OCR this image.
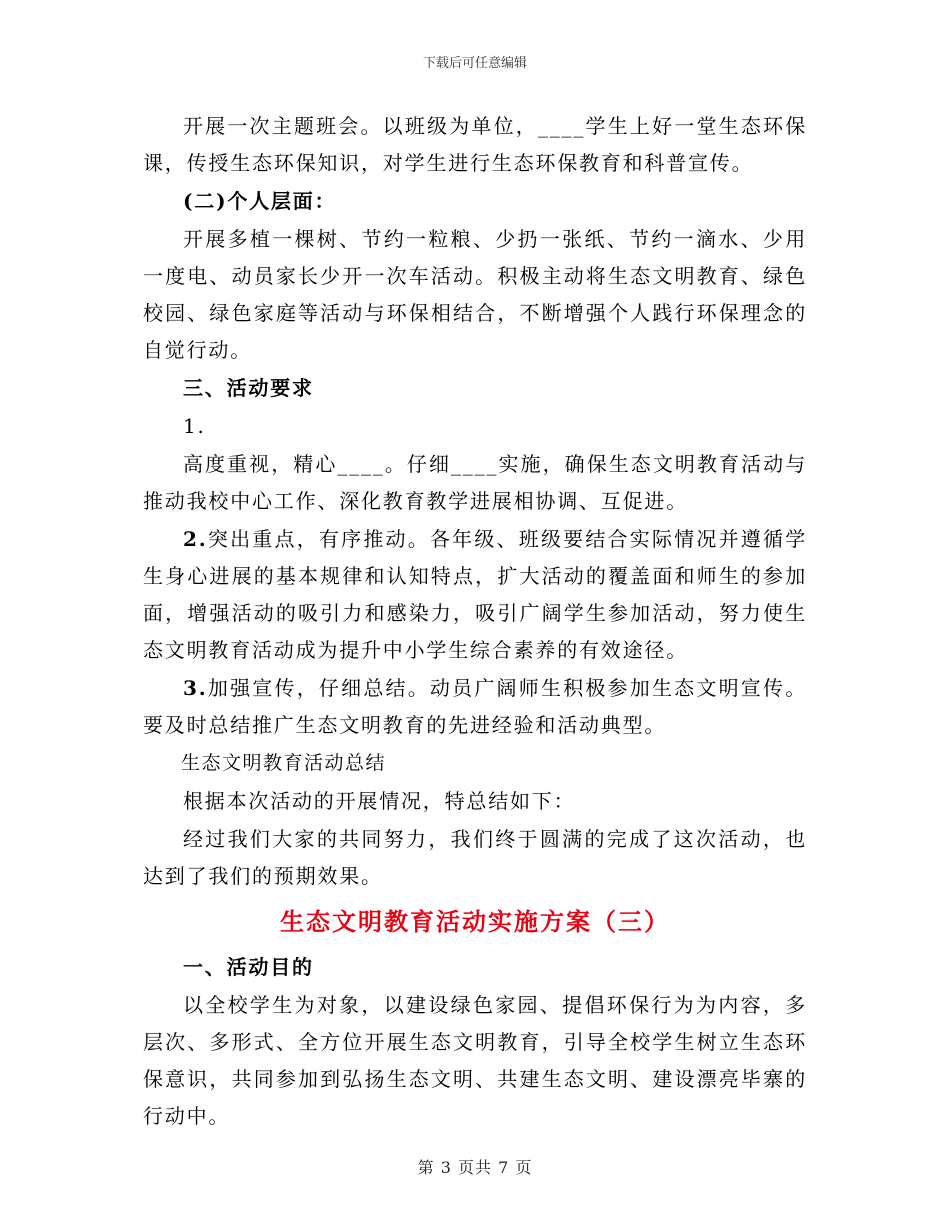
下载后可任意编辑

开展一次主题班会。以班级为单位，____学生上好一堂生态环保课，传授生态环保知识，对学生进行生态环保教育和科普宣传。

(二)个人层面：

开展多植一棵树、节约一粒粮、少扔一张纸、节约一滴水、少用一度电、动员家长少开一次车活动。积极主动将生态文明教育、绿色校园、绿色家庭等活动与环保相结合，不断增强个人践行环保理念的自觉行动。

三、活动要求

1.

高度重视，精心____。仔细____实施，确保生态文明教育活动与推动我校中心工作、深化教育教学进展相协调、互促进。

2.突出重点，有序推动。各年级、班级要结合实际情况并遵循学生身心进展的基本规律和认知特点，扩大活动的覆盖面和师生的参加面，增强活动的吸引力和感染力，吸引广阔学生参加活动，努力使生态文明教育活动成为提升中小学生综合素养的有效途径。

3.加强宣传，仔细总结。动员广阔师生积极参加生态文明宣传。要及时总结推广生态文明教育的先进经验和活动典型。

生态文明教育活动总结

根据本次活动的开展情况，特总结如下：

经过我们大家的共同努力，我们终于圆满的完成了这次活动，也达到了我们的预期效果。

生态文明教育活动实施方案（三）

一、活动目的

以全校学生为对象，以建设绿色家园、提倡环保行为为内容，多层次、多形式、全方位开展生态文明教育，引导全校学生树立生态环保意识，共同参加到弘扬生态文明、共建生态文明、建设漂亮毕寨的行动中。

第 3 页共 7 页
